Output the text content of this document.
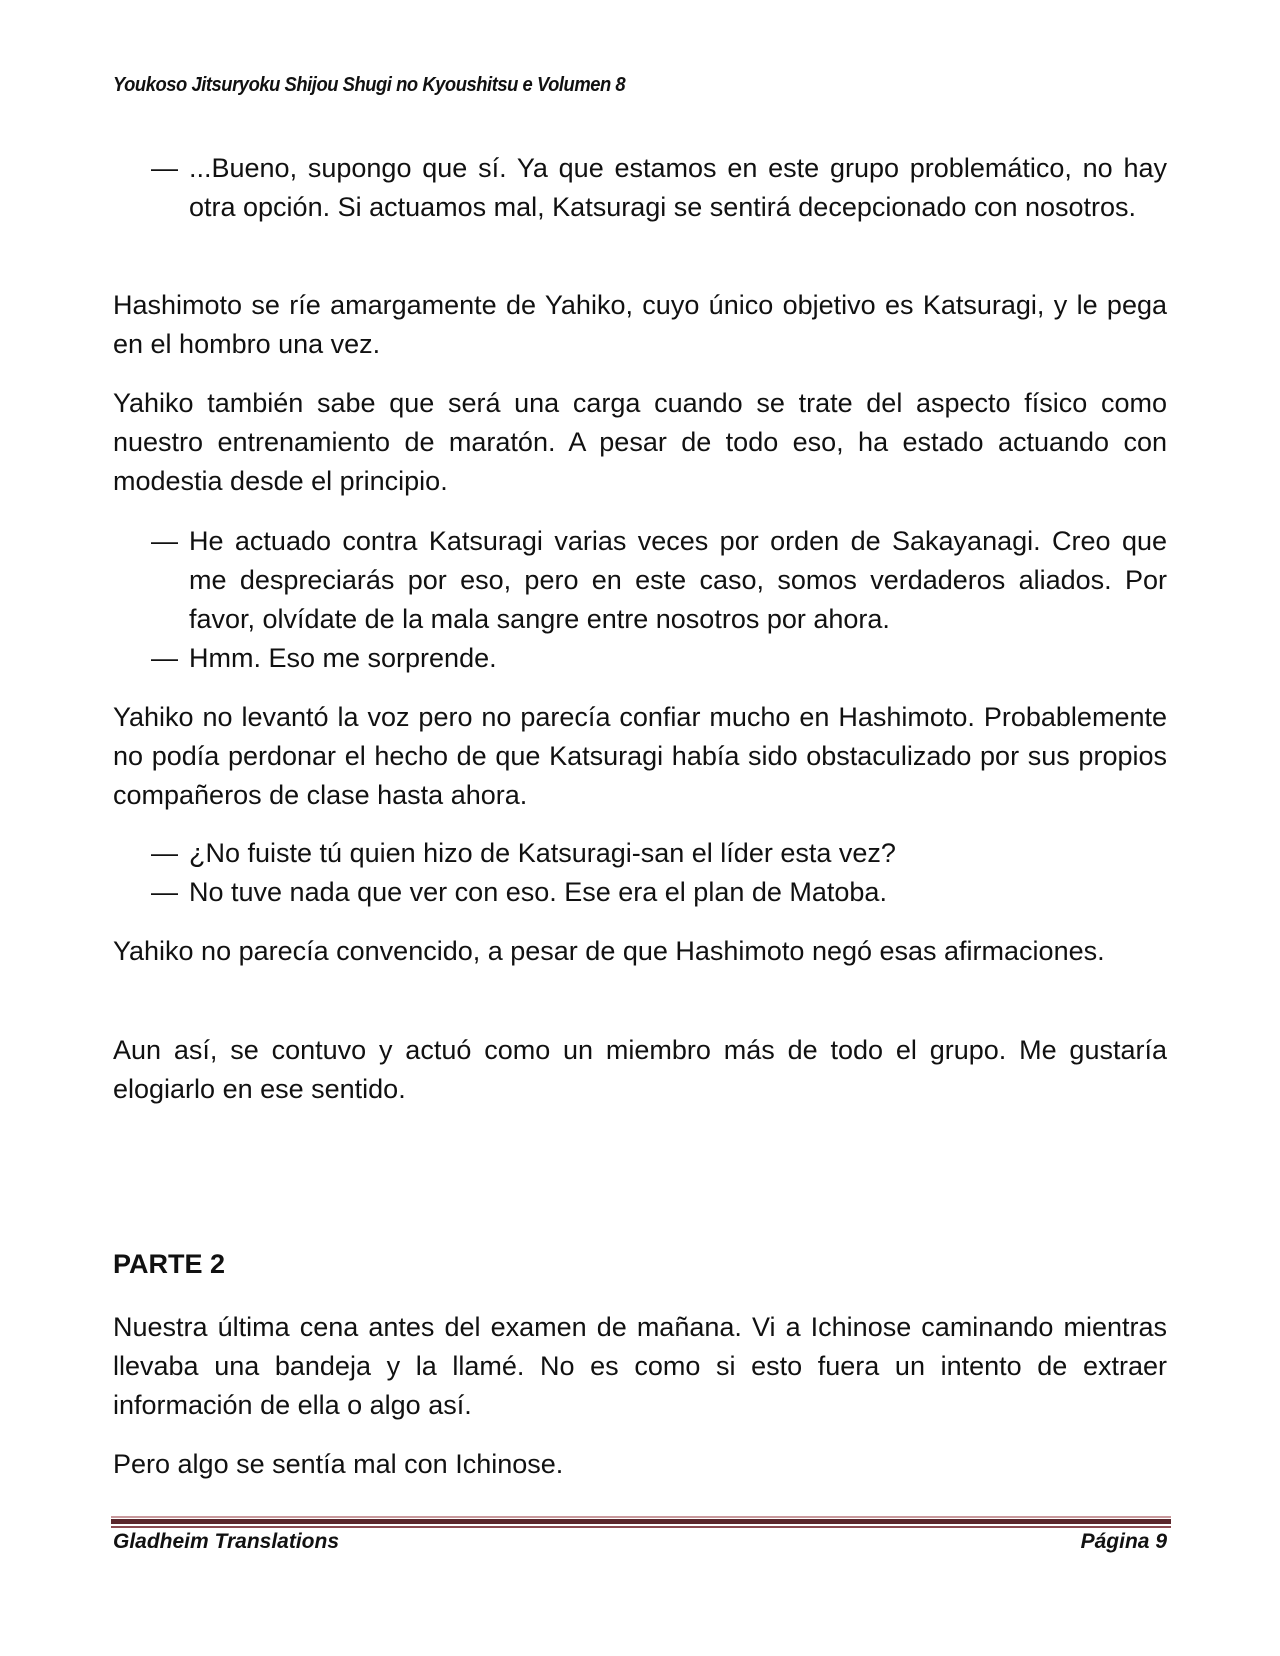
Youkoso Jitsuryoku Shijou Shugi no Kyoushitsu e Volumen 8
— ...Bueno, supongo que sí. Ya que estamos en este grupo problemático, no hay otra opción. Si actuamos mal, Katsuragi se sentirá decepcionado con nosotros.
Hashimoto se ríe amargamente de Yahiko, cuyo único objetivo es Katsuragi, y le pega en el hombro una vez.
Yahiko también sabe que será una carga cuando se trate del aspecto físico como nuestro entrenamiento de maratón. A pesar de todo eso, ha estado actuando con modestia desde el principio.
— He actuado contra Katsuragi varias veces por orden de Sakayanagi. Creo que me despreciarás por eso, pero en este caso, somos verdaderos aliados. Por favor, olvídate de la mala sangre entre nosotros por ahora.
— Hmm. Eso me sorprende.
Yahiko no levantó la voz pero no parecía confiar mucho en Hashimoto. Probablemente no podía perdonar el hecho de que Katsuragi había sido obstaculizado por sus propios compañeros de clase hasta ahora.
— ¿No fuiste tú quien hizo de Katsuragi-san el líder esta vez?
— No tuve nada que ver con eso. Ese era el plan de Matoba.
Yahiko no parecía convencido, a pesar de que Hashimoto negó esas afirmaciones.
Aun así, se contuvo y actuó como un miembro más de todo el grupo. Me gustaría elogiarlo en ese sentido.
PARTE 2
Nuestra última cena antes del examen de mañana. Vi a Ichinose caminando mientras llevaba una bandeja y la llamé. No es como si esto fuera un intento de extraer información de ella o algo así.
Pero algo se sentía mal con Ichinose.
Gladheim Translations	Página 9
